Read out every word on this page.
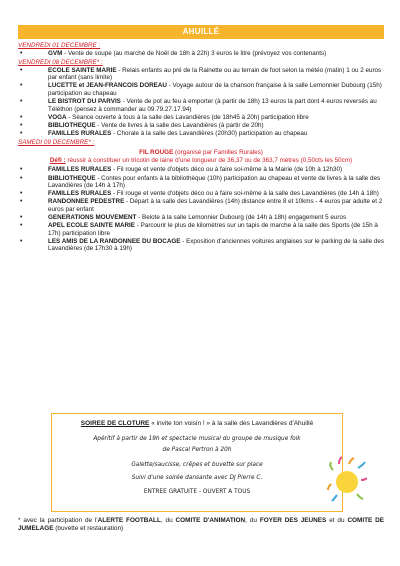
AHUILLÉ
VENDREDI 01 DECEMBRE :
• GVM - Vente de soupe (au marché de Noël de 18h à 22h) 3 euros le litre (prévoyez vos contenants)
VENDREDI 08 DECEMBRE* :
• ECOLE SAINTE MARIE - Relais enfants au pré de la Rainette ou au terrain de foot selon la météo (matin) 1 ou 2 euros par enfant (sans limite)
• LUCETTE et JEAN-FRANCOIS DOREAU - Voyage autour de la chanson française à la salle Lemonnier Dubourg (15h) participation au chapeau
• LE BISTROT DU PARVIS - Vente de pot au feu à emporter (à partir de 18h) 13 euros la part dont 4 euros reversés au Téléthon (pensez à commander au 09.79.27.17.94)
• VOGA - Séance ouverte à tous à la salle des Lavandières (de 18h45 à 20h) participation libre
• BIBLIOTHEQUE - Vente de livres à la salle des Lavandières (à partir de 20h)
• FAMILLES RURALES - Chorale à la salle des Lavandières (20h30) participation au chapeau
SAMEDI 09 DECEMBRE* :
FIL ROUGE (organisé par Familles Rurales)
Défi : réussir à constituer un tricotin de laine d'une longueur de 36,37 ou de 363,7 mètres (0,50cts les 50cm)
• FAMILLES RURALES - Fil rouge et vente d'objets déco ou à faire soi-même à la Mairie (de 10h à 12h30)
• BIBLIOTHEQUE - Contes pour enfants à la bibliothèque (10h) participation au chapeau et vente de livres à la salle des Lavandières (de 14h à 17h)
• FAMILLES RURALES - Fil rouge et vente d'objets déco ou à faire soi-même à la salle des Lavandières (de 14h à 18h)
• RANDONNEE PEDESTRE - Départ à la salle des Lavandières (14h) distance entre 8 et 10kms - 4 euros par adulte et 2 euros par enfant
• GENERATIONS MOUVEMENT - Belote à la salle Lemonnier Dubourg (de 14h à 18h) engagement 5 euros
• APEL ECOLE SAINTE MARIE - Parcourir le plus de kilomètres sur un tapis de marche à la salle des Sports (de 15h à 17h) participation libre
• LES AMIS DE LA RANDONNEE DU BOCAGE - Exposition d'anciennes voitures anglaises sur le parking de la salle des Lavandières (de 17h30 à 19h)
SOIREE DE CLOTURE « invite ton voisin ! » à la salle des Lavandières d'Ahuillé
Apéritif à partir de 19h et spectacle musical du groupe de musique folk
de Pascal Pertron à 20h
Galette/saucisse, crêpes et buvette sur place
Suivi d'une soirée dansante avec DJ Pierre C.
ENTREE GRATUITE - OUVERT A TOUS
* avec la participation de l'ALERTE FOOTBALL, du COMITE D'ANIMATION, du FOYER DES JEUNES et du COMITE DE JUMELAGE (buvette et restauration)
